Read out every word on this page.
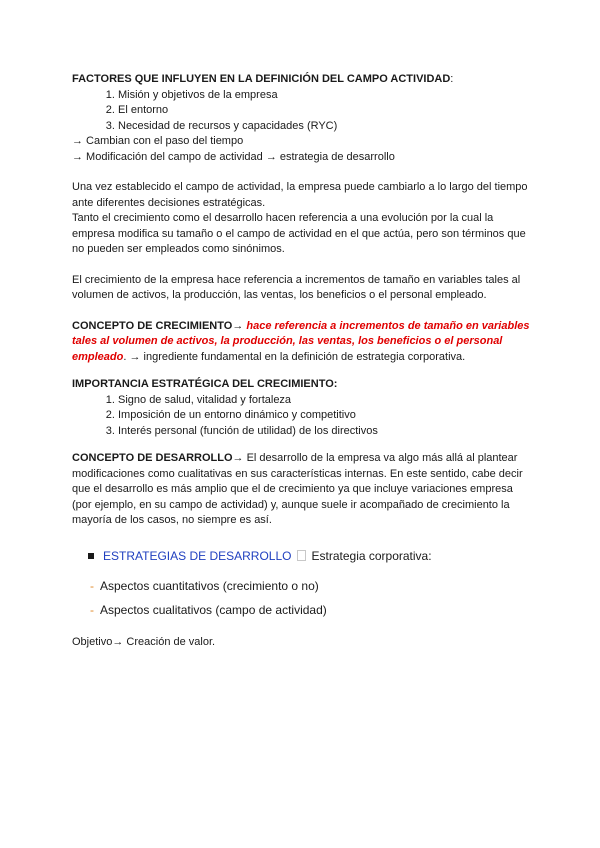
FACTORES QUE INFLUYEN EN LA DEFINICIÓN DEL CAMPO ACTIVIDAD:

1. Misión y objetivos de la empresa
2. El entorno
3. Necesidad de recursos y capacidades (RYC)

→ Cambian con el paso del tiempo

→ Modificación del campo de actividad → estrategia de desarrollo

Una vez establecido el campo de actividad, la empresa puede cambiarlo a lo largo del tiempo ante diferentes decisiones estratégicas.

Tanto el crecimiento como el desarrollo hacen referencia a una evolución por la cual la empresa modifica su tamaño o el campo de actividad en el que actúa, pero son términos que no pueden ser empleados como sinónimos.

El crecimiento de la empresa hace referencia a incrementos de tamaño en variables tales al volumen de activos, la producción, las ventas, los beneficios o el personal empleado.

CONCEPTO DE CRECIMIENTO→ hace referencia a incrementos de tamaño en variables tales al volumen de activos, la producción, las ventas, los beneficios o el personal empleado. → ingrediente fundamental en la definición de estrategia corporativa.

IMPORTANCIA ESTRATÉGICA DEL CRECIMIENTO:

1. Signo de salud, vitalidad y fortaleza
2. Imposición de un entorno dinámico y competitivo
3. Interés personal (función de utilidad) de los directivos

CONCEPTO DE DESARROLLO→ El desarrollo de la empresa va algo más allá al plantear modificaciones como cualitativas en sus características internas. En este sentido, cabe decir que el desarrollo es más amplio que el de crecimiento ya que incluye variaciones empresa (por ejemplo, en su campo de actividad) y, aunque suele ir acompañado de crecimiento la mayoría de los casos, no siempre es así.

ESTRATEGIAS DE DESARROLLO Estrategia corporativa:
- Aspectos cuantitativos (crecimiento o no)
- Aspectos cualitativos (campo de actividad)

Objetivo→ Creación de valor.
